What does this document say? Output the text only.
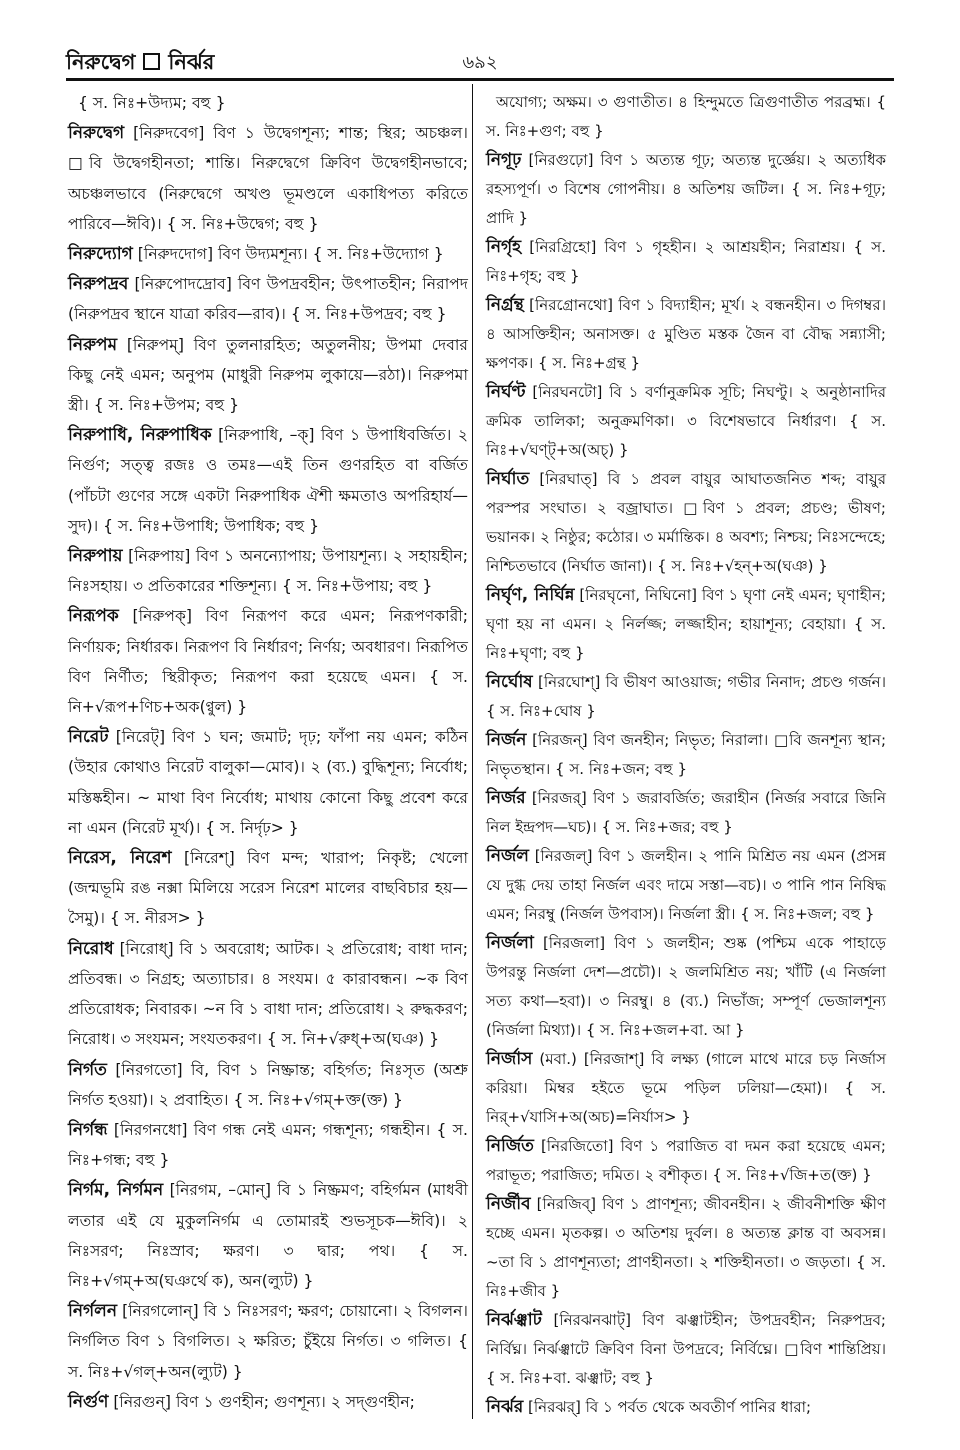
নিরুদ্বেগ নির্ঝর	৬৯২

{ স. নিঃ+উদ্যম; বহু }

নিরুদ্বেগ [নিরুদবেগ] বিণ ১ উদ্বেগশূন্য; শান্ত; স্থির; অচঞ্চল। □বি উদ্বেগহীনতা; শান্তি। নিরুদ্বেগে ক্রিবিণ উদ্বেগহীনভাবে; অচঞ্চলভাবে (নিরুদ্বেগে অখণ্ড ভূমণ্ডলে একাধিপত্য করিতে পারিবে—ঈবি)। { স. নিঃ+উদ্বেগ; বহু }

নিরুদ্যোগ [নিরুদদোগ] বিণ উদ্যমশূন্য। { স. নিঃ+উদ্যোগ }

নিরুপদ্রব [নিরুপোদদ্রোব] বিণ উপদ্রবহীন; উৎপাতহীন; নিরাপদ (নিরুপদ্রব স্থানে যাত্রা করিব—রাব)। { স. নিঃ+উপদ্রব; বহু }

নিরুপম [নিরুপম্] বিণ তুলনারহিত; অতুলনীয়; উপমা দেবার কিছু নেই এমন; অনুপম (মাধুরী নিরুপম লুকায়ে—রঠা)। নিরুপমা স্ত্রী। { স. নিঃ+উপম; বহু }

নিরুপাধি, নিরুপাধিক [নিরুপাধি, –ক্] বিণ ১ উপাধিবর্জিত। ২ নির্গুণ; সত্ত্ব রজঃ ও তমঃ—এই তিন গুণরহিত বা বর্জিত (পাঁচটা গুণের সঙ্গে একটা নিরুপাধিক ঐশী ক্ষমতাও অপরিহার্য—সুদ)। { স. নিঃ+উপাধি; উপাধিক; বহু }

নিরুপায় [নিরুপায়] বিণ ১ অনন্যোপায়; উপায়শূন্য। ২ সহায়হীন; নিঃসহায়। ৩ প্রতিকারের শক্তিশূন্য। { স. নিঃ+উপায়; বহু }

নিরূপক [নিরুপক্] বিণ নিরূপণ করে এমন; নিরূপণকারী; নির্ণায়ক; নির্ধারক। নিরূপণ বি নির্ধারণ; নির্ণয়; অবধারণ। নিরূপিত বিণ নির্ণীত; স্থিরীকৃত; নিরূপণ করা হয়েছে এমন। { স. নি+√রূপ+ণিচ+অক(ণ্বুল) }

নিরেট [নিরেট্] বিণ ১ ঘন; জমাট; দৃঢ়; ফাঁপা নয় এমন; কঠিন (উহার কোথাও নিরেট বালুকা—মোব)। ২ (ব্য.) বুদ্ধিশূন্য; নির্বোধ; মস্তিষ্কহীন। ~ মাথা বিণ নির্বোধ; মাথায় কোনো কিছু প্রবেশ করে না এমন (নিরেট মূর্খ)। { স. নির্দৃঢ়> }

নিরেস, নিরেশ [নিরেশ্] বিণ মন্দ; খারাপ; নিকৃষ্ট; খেলো (জন্মভূমি রঙ নক্সা মিলিয়ে সরেস নিরেশ মালের বাছবিচার হয়—সৈমু)। { স. নীরস> }

নিরোধ [নিরোধ্] বি ১ অবরোধ; আটক। ২ প্রতিরোধ; বাধা দান; প্রতিবন্ধ। ৩ নিগ্রহ; অত্যাচার। ৪ সংযম। ৫ কারাবন্ধন। ~ক বিণ প্রতিরোধক; নিবারক। ~ন বি ১ বাধা দান; প্রতিরোধ। ২ রুদ্ধকরণ; নিরোধ। ৩ সংযমন; সংযতকরণ। { স. নি+√রুধ্+অ(ঘঞ) }

নির্গত [নিরগতো] বি, বিণ ১ নিষ্ক্রান্ত; বহির্গত; নিঃসৃত (অশ্রু নির্গত হওয়া)। ২ প্রবাহিত। { স. নিঃ+√গম্+ক্ত(ক্ত) }

নির্গন্ধ [নিরগনধো] বিণ গন্ধ নেই এমন; গন্ধশূন্য; গন্ধহীন। { স. নিঃ+গন্ধ; বহু }

নির্গম, নির্গমন [নিরগম, –মোন্] বি ১ নিষ্ক্রমণ; বহির্গমন (মাধবী লতার এই যে মুকুলনির্গম এ তোমারই শুভসূচক—ঈবি)। ২ নিঃসরণ; নিঃস্রাব; ক্ষরণ। ৩ দ্বার; পথ। { স. নিঃ+√গম্+অ(ঘঞর্থে ক), অন(ল্যুট) }

নির্গলন [নিরগলোন্] বি ১ নিঃসরণ; ক্ষরণ; চোয়ানো। ২ বিগলন। নির্গলিত বিণ ১ বিগলিত। ২ ক্ষরিত; চুঁইয়ে নির্গত। ৩ গলিত। { স. নিঃ+√গল্+অন(ল্যুট) }

নির্গুণ [নিরগুন্] বিণ ১ গুণহীন; গুণশূন্য। ২ সদ্গুণহীন;

অযোগ্য; অক্ষম। ৩ গুণাতীত। ৪ হিন্দুমতে ত্রিগুণাতীত পরব্রহ্ম। { স. নিঃ+গুণ; বহু }

নিগূঢ় [নিরগুঢ়ো] বিণ ১ অত্যন্ত গূঢ়; অত্যন্ত দুর্জ্ঞেয়। ২ অত্যধিক রহস্যপূর্ণ। ৩ বিশেষ গোপনীয়। ৪ অতিশয় জটিল। { স. নিঃ+গূঢ়; প্রাদি }

নির্গৃহ [নিরগ্রিহো] বিণ ১ গৃহহীন। ২ আশ্রয়হীন; নিরাশ্রয়। { স. নিঃ+গৃহ; বহু }

নির্গ্রন্থ [নিরগ্রোনথো] বিণ ১ বিদ্যাহীন; মূর্খ। ২ বন্ধনহীন। ৩ দিগম্বর। ৪ আসক্তিহীন; অনাসক্ত। ৫ মুণ্ডিত মস্তক জৈন বা বৌদ্ধ সন্ন্যাসী; ক্ষপণক। { স. নিঃ+গ্রন্থ }

নির্ঘণ্ট [নিরঘনটো] বি ১ বর্ণানুক্রমিক সূচি; নিঘণ্টু। ২ অনুষ্ঠানাদির ক্রমিক তালিকা; অনুক্রমণিকা। ৩ বিশেষভাবে নির্ধারণ। { স. নিঃ+√ঘণ্ট্+অ(অচ্) }

নির্ঘাত [নিরঘাত্] বি ১ প্রবল বায়ুর আঘাতজনিত শব্দ; বায়ুর পরস্পর সংঘাত। ২ বজ্রাঘাত। □বিণ ১ প্রবল; প্রচণ্ড; ভীষণ; ভয়ানক। ২ নিষ্ঠুর; কঠোর। ৩ মর্মান্তিক। ৪ অবশ্য; নিশ্চয়; নিঃসন্দেহে; নিশ্চিতভাবে (নির্ঘাত জানা)। { স. নিঃ+√হন্+অ(ঘঞ) }

নির্ঘৃণ, নির্ঘিন্ন [নিরঘৃনো, নিঘিনো] বিণ ১ ঘৃণা নেই এমন; ঘৃণাহীন; ঘৃণা হয় না এমন। ২ নির্লজ্জ; লজ্জাহীন; হায়াশূন্য; বেহায়া। { স. নিঃ+ঘৃণা; বহু }

নির্ঘোষ [নিরঘোশ্] বি ভীষণ আওয়াজ; গভীর নিনাদ; প্রচণ্ড গর্জন। { স. নিঃ+ঘোষ }

নির্জন [নিরজন্] বিণ জনহীন; নিভৃত; নিরালা। □বি জনশূন্য স্থান; নিভৃতস্থান। { স. নিঃ+জন; বহু }

নির্জর [নিরজর্] বিণ ১ জরাবর্জিত; জরাহীন (নির্জর সবারে জিনি নিল ইন্দ্রপদ—ঘচ)। { স. নিঃ+জর; বহু }

নির্জল [নিরজল্] বিণ ১ জলহীন। ২ পানি মিশ্রিত নয় এমন (প্রসন্ন যে দুগ্ধ দেয় তাহা নির্জল এবং দামে সস্তা—বচ)। ৩ পানি পান নিষিদ্ধ এমন; নিরম্বু (নির্জল উপবাস)। নির্জলা স্ত্রী। { স. নিঃ+জল; বহু }

নির্জলা [নিরজলা] বিণ ১ জলহীন; শুষ্ক (পশ্চিম একে পাহাড়ে উপরন্তু নির্জলা দেশ—প্রচৌ)। ২ জলমিশ্রিত নয়; খাঁটি (এ নির্জলা সত্য কথা—হবা)। ৩ নিরম্বু। ৪ (ব্য.) নিভাঁজ; সম্পূর্ণ ভেজালশূন্য (নির্জলা মিথ্যা)। { স. নিঃ+জল+বা. আ }

নির্জাস (মবা.) [নিরজাশ্] বি লক্ষ্য (গালে মাথে মারে চড় নির্জাস করিয়া। মিম্বর হইতে ভূমে পড়িল ঢলিয়া—হেমা)। { স. নির্+√যাসি+অ(অচ)=নির্যাস> }

নির্জিত [নিরজিতো] বিণ ১ পরাজিত বা দমন করা হয়েছে এমন; পরাভূত; পরাজিত; দমিত। ২ বশীকৃত। { স. নিঃ+√জি+ত(ক্ত) }

নির্জীব [নিরজিব্] বিণ ১ প্রাণশূন্য; জীবনহীন। ২ জীবনীশক্তি ক্ষীণ হচ্ছে এমন। মৃতকল্প। ৩ অতিশয় দুর্বল। ৪ অত্যন্ত ক্লান্ত বা অবসন্ন। ~তা বি ১ প্রাণশূন্যতা; প্রাণহীনতা। ২ শক্তিহীনতা। ৩ জড়তা। { স. নিঃ+জীব }

নির্ঝঞ্ঝাট [নিরঝনঝাট্] বিণ ঝঞ্ঝাটহীন; উপদ্রবহীন; নিরুপদ্রব; নির্বিঘ্ন। নির্ঝঞ্ঝাটে ক্রিবিণ বিনা উপদ্রবে; নির্বিঘ্নে। □বিণ শান্তিপ্রিয়। { স. নিঃ+বা. ঝঞ্ঝাট; বহু }

নির্ঝর [নিরঝর্] বি ১ পর্বত থেকে অবতীর্ণ পানির ধারা;
